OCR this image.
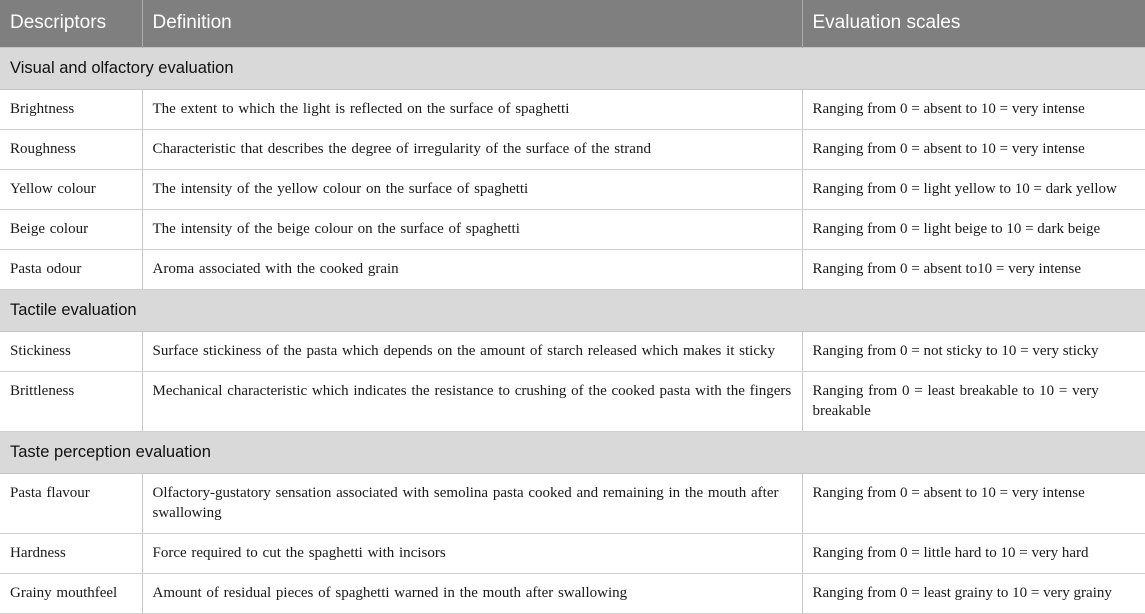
Descriptors	Definition	Evaluation scales
Visual and olfactory evaluation		
Brightness	The extent to which the light is reflected on the surface of spaghetti	Ranging from 0 = absent to 10 = very intense
Roughness	Characteristic that describes the degree of irregularity of the surface of the strand	Ranging from 0 = absent to 10 = very intense
Yellow colour	The intensity of the yellow colour on the surface of spaghetti	Ranging from 0 = light yellow to 10 = dark yellow
Beige colour	The intensity of the beige colour on the surface of spaghetti	Ranging from 0 = light beige to 10 = dark beige
Pasta odour	Aroma associated with the cooked grain	Ranging from 0 = absent to10 = very intense
Tactile evaluation		
Stickiness	Surface stickiness of the pasta which depends on the amount of starch released which makes it sticky	Ranging from 0 = not sticky to 10 = very sticky
Brittleness	Mechanical characteristic which indicates the resistance to crushing of the cooked pasta with the fingers	Ranging from 0 = least breakable to 10 = very breakable
Taste perception evaluation		
Pasta flavour	Olfactory-gustatory sensation associated with semolina pasta cooked and remaining in the mouth after swallowing	Ranging from 0 = absent to 10 = very intense
Hardness	Force required to cut the spaghetti with incisors	Ranging from 0 = little hard to 10 = very hard
Grainy mouthfeel	Amount of residual pieces of spaghetti warned in the mouth after swallowing	Ranging from 0 = least grainy to 10 = very grainy
